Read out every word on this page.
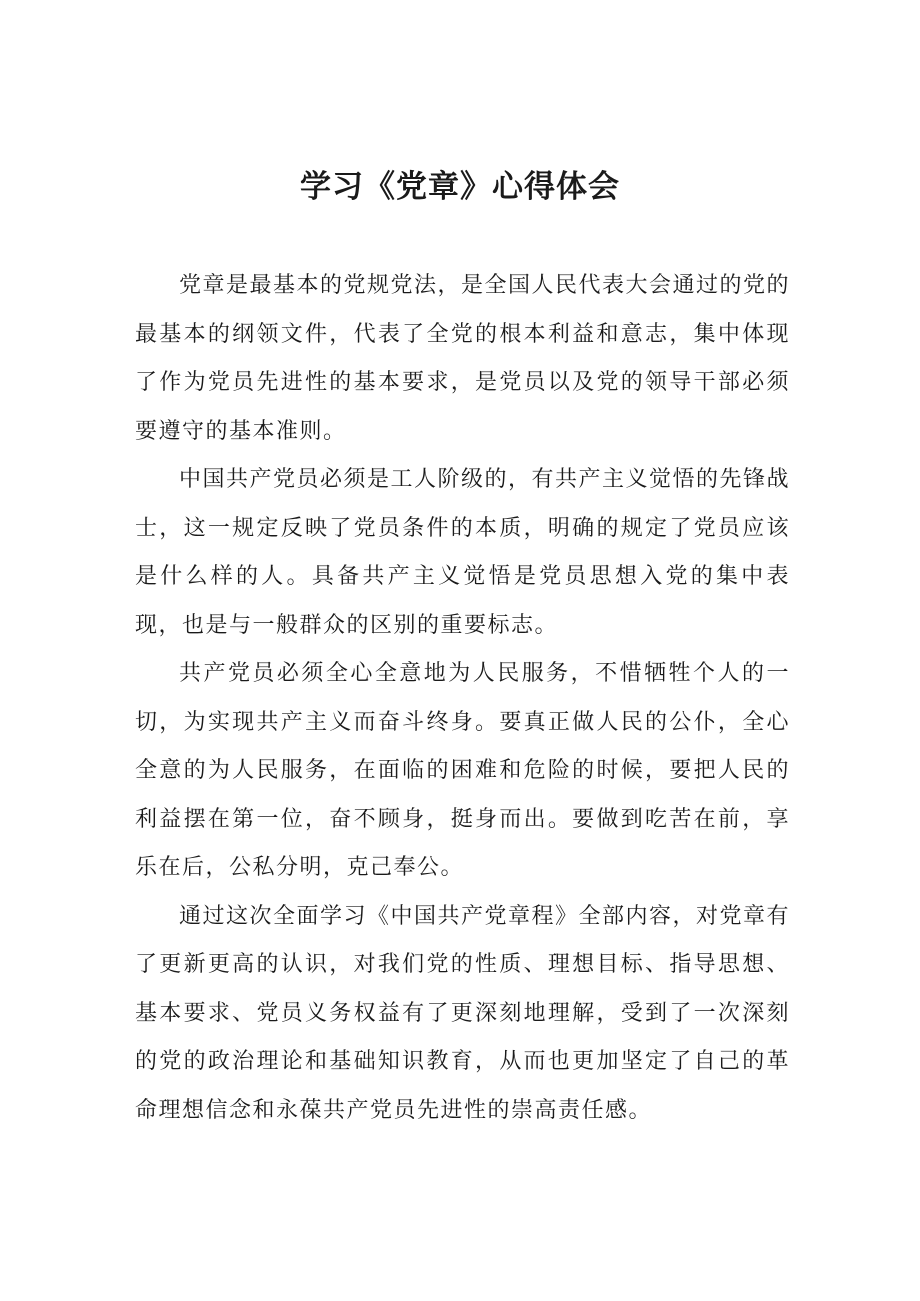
学习《党章》心得体会

党章是最基本的党规党法，是全国人民代表大会通过的党的最基本的纲领文件，代表了全党的根本利益和意志，集中体现了作为党员先进性的基本要求，是党员以及党的领导干部必须要遵守的基本准则。

中国共产党员必须是工人阶级的，有共产主义觉悟的先锋战士，这一规定反映了党员条件的本质，明确的规定了党员应该是什么样的人。具备共产主义觉悟是党员思想入党的集中表现，也是与一般群众的区别的重要标志。

共产党员必须全心全意地为人民服务，不惜牺牲个人的一切，为实现共产主义而奋斗终身。要真正做人民的公仆，全心全意的为人民服务，在面临的困难和危险的时候，要把人民的利益摆在第一位，奋不顾身，挺身而出。要做到吃苦在前，享乐在后，公私分明，克己奉公。

通过这次全面学习《中国共产党章程》全部内容，对党章有了更新更高的认识，对我们党的性质、理想目标、指导思想、基本要求、党员义务权益有了更深刻地理解，受到了一次深刻的党的政治理论和基础知识教育，从而也更加坚定了自己的革命理想信念和永葆共产党员先进性的崇高责任感。
